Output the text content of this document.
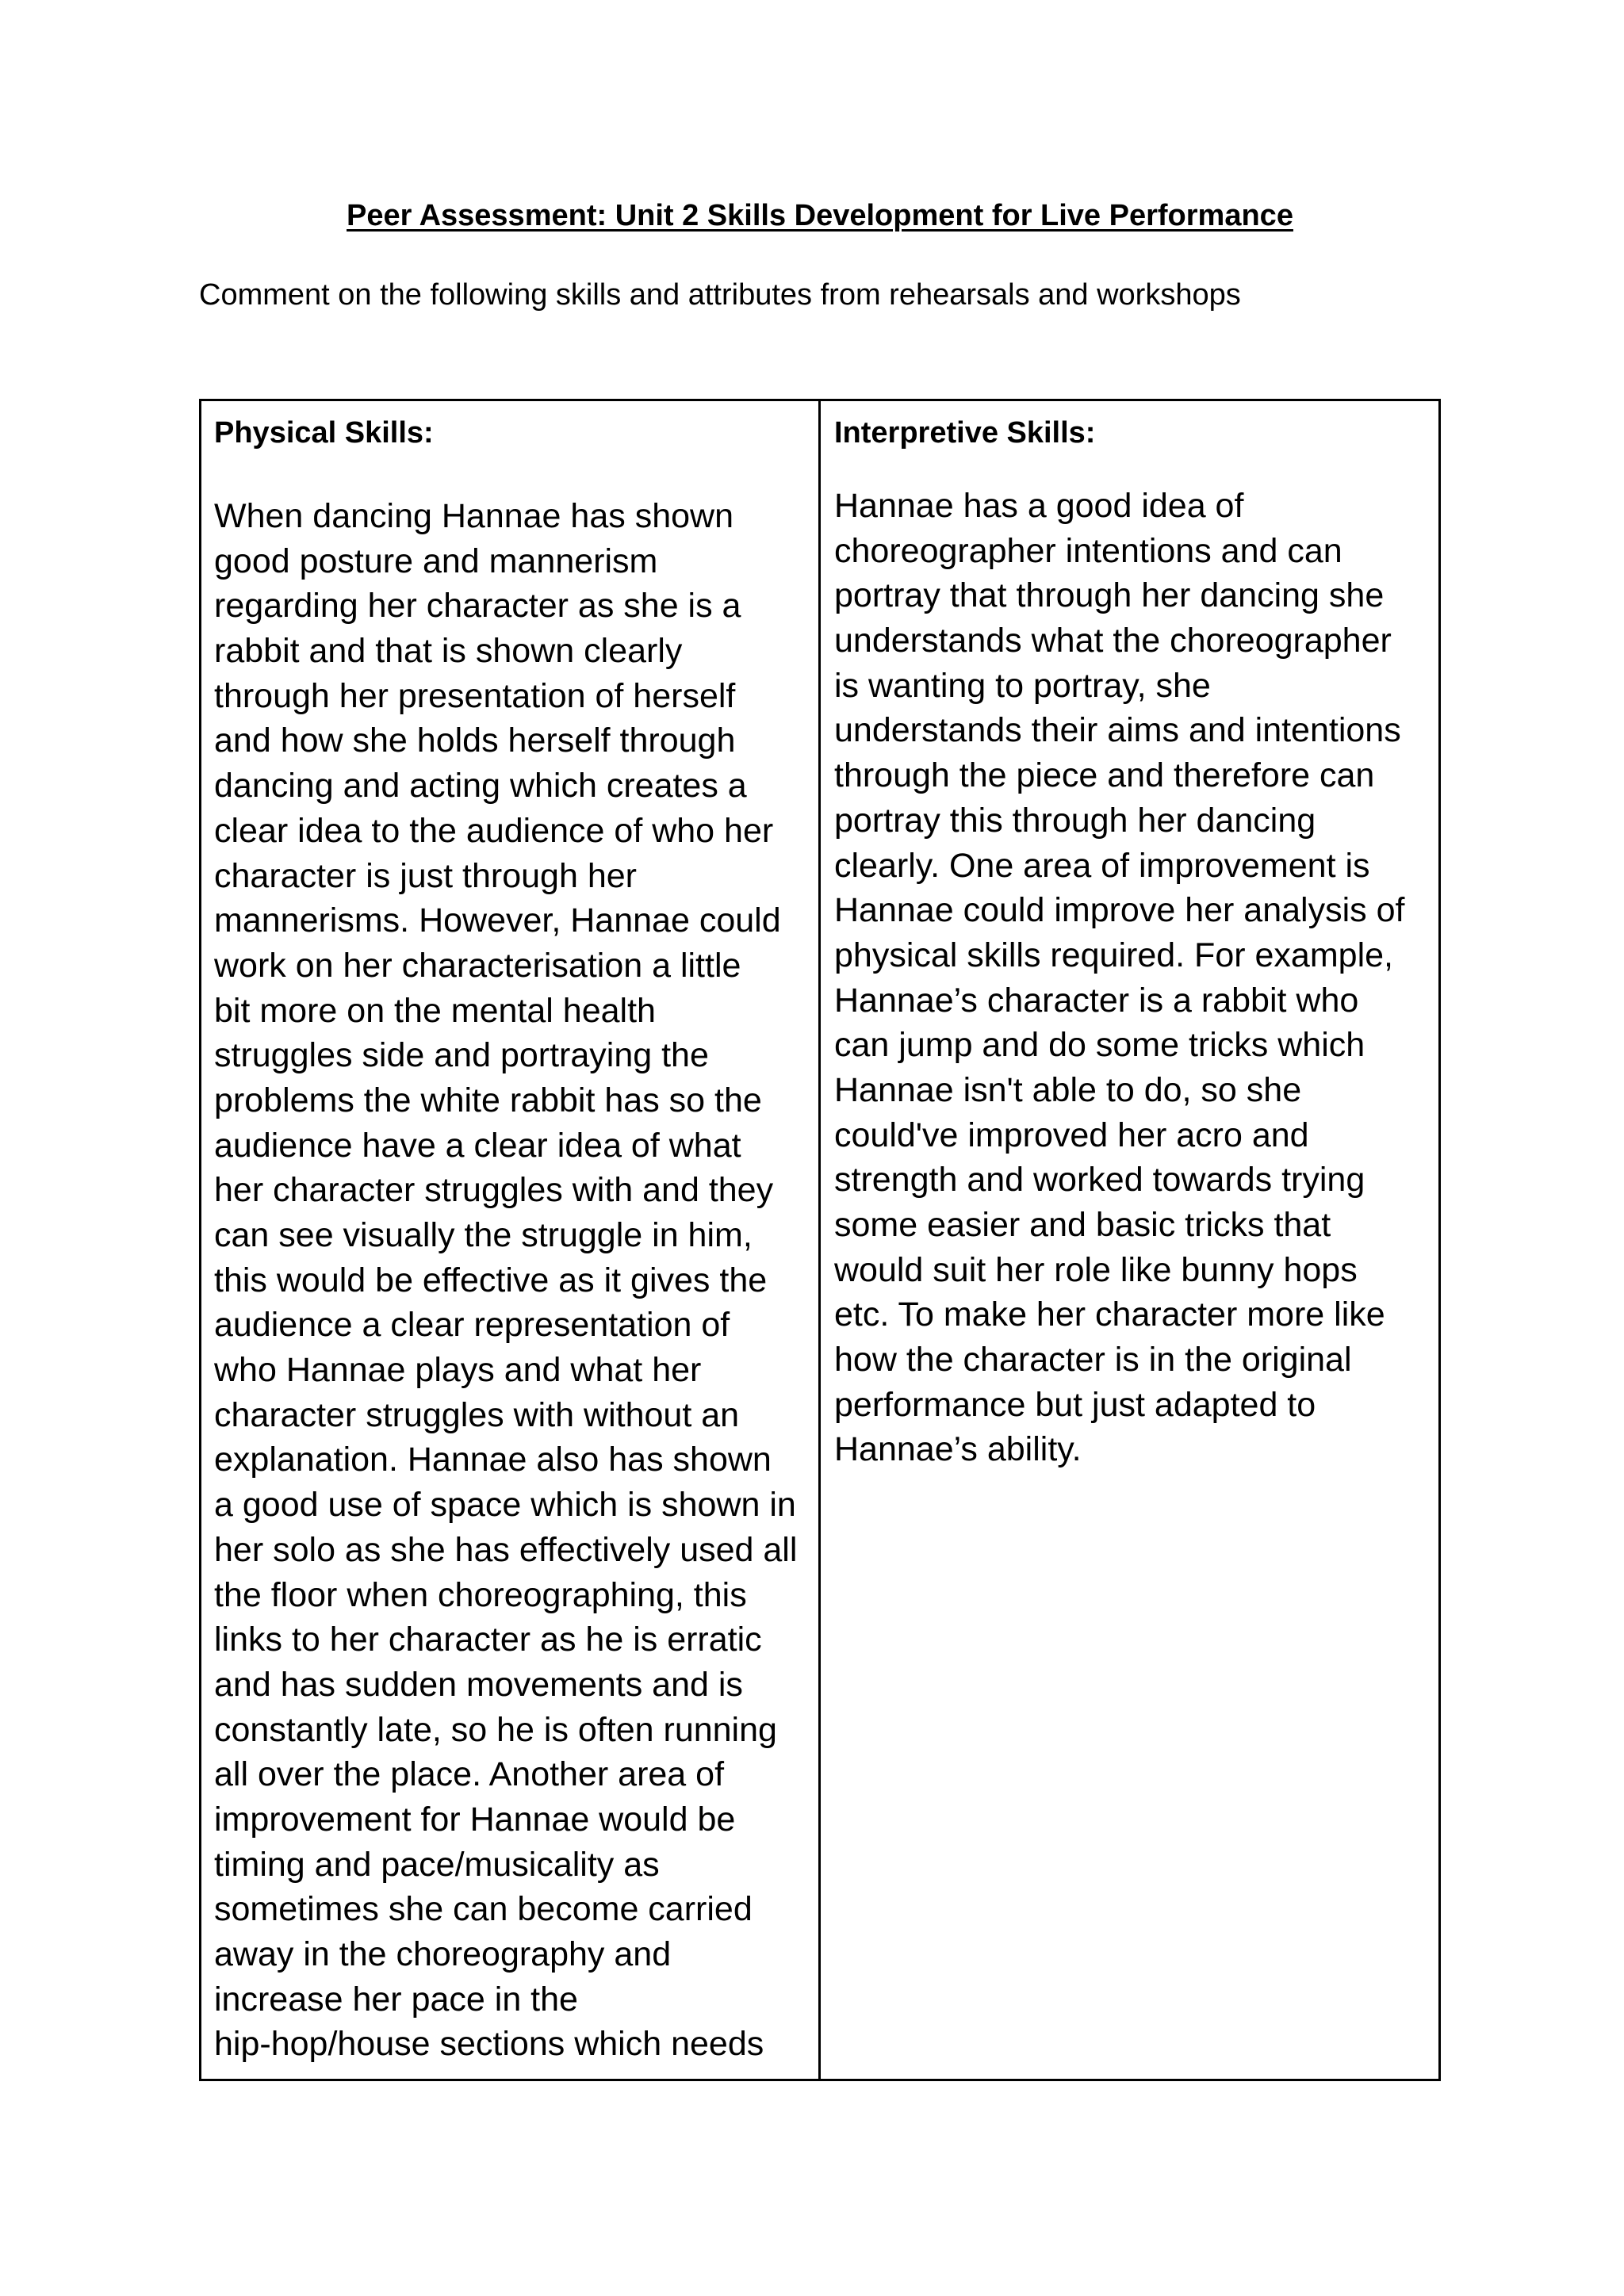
Peer Assessment: Unit 2 Skills Development for Live Performance
Comment on the following skills and attributes from rehearsals and workshops
Physical Skills:
When dancing Hannae has shown
good posture and mannerism
regarding her character as she is a
rabbit and that is shown clearly
through her presentation of herself
and how she holds herself through
dancing and acting which creates a
clear idea to the audience of who her
character is just through her
mannerisms. However, Hannae could
work on her characterisation a little
bit more on the mental health
struggles side and portraying the
problems the white rabbit has so the
audience have a clear idea of what
her character struggles with and they
can see visually the struggle in him,
this would be effective as it gives the
audience a clear representation of
who Hannae plays and what her
character struggles with without an
explanation. Hannae also has shown
a good use of space which is shown in
her solo as she has effectively used all
the floor when choreographing, this
links to her character as he is erratic
and has sudden movements and is
constantly late, so he is often running
all over the place. Another area of
improvement for Hannae would be
timing and pace/musicality as
sometimes she can become carried
away in the choreography and
increase her pace in the
hip-hop/house sections which needs
Interpretive Skills:
Hannae has a good idea of
choreographer intentions and can
portray that through her dancing she
understands what the choreographer
is wanting to portray, she
understands their aims and intentions
through the piece and therefore can
portray this through her dancing
clearly. One area of improvement is
Hannae could improve her analysis of
physical skills required. For example,
Hannae’s character is a rabbit who
can jump and do some tricks which
Hannae isn't able to do, so she
could've improved her acro and
strength and worked towards trying
some easier and basic tricks that
would suit her role like bunny hops
etc. To make her character more like
how the character is in the original
performance but just adapted to
Hannae’s ability.
